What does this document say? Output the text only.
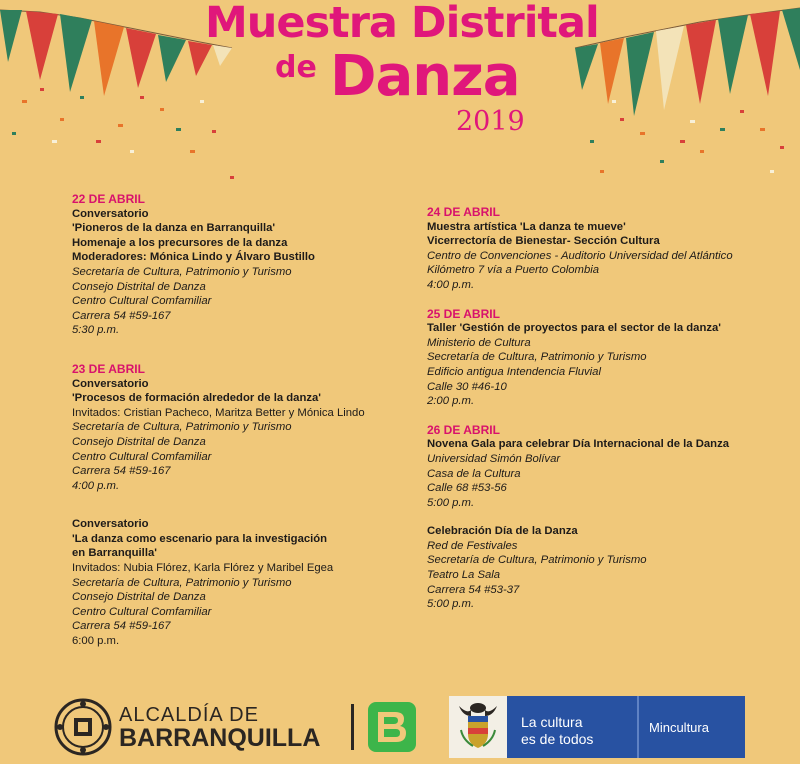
Muestra Distrital
de Danza
2019
22 DE ABRIL
Conversatorio
'Pioneros de la danza en Barranquilla'
Homenaje a los precursores de la danza
Moderadores: Mónica Lindo y Álvaro Bustillo
Secretaría de Cultura, Patrimonio y Turismo
Consejo Distrital de Danza
Centro Cultural Comfamiliar
Carrera 54 #59-167
5:30 p.m.
23 DE ABRIL
Conversatorio
'Procesos de formación alrededor de la danza'
Invitados: Cristian Pacheco, Maritza Better y Mónica Lindo
Secretaría de Cultura, Patrimonio y Turismo
Consejo Distrital de Danza
Centro Cultural Comfamiliar
Carrera 54 #59-167
4:00 p.m.
Conversatorio
'La danza como escenario para la investigación
en Barranquilla'
Invitados: Nubia Flórez, Karla Flórez y Maribel Egea
Secretaría de Cultura, Patrimonio y Turismo
Consejo Distrital de Danza
Centro Cultural Comfamiliar
Carrera 54 #59-167
6:00 p.m.
24 DE ABRIL
Muestra artística 'La danza te mueve'
Vicerrectoría de Bienestar- Sección Cultura
Centro de Convenciones - Auditorio Universidad del Atlántico
Kilómetro 7 vía a Puerto Colombia
4:00 p.m.
25 DE ABRIL
Taller 'Gestión de proyectos para el sector de la danza'
Ministerio de Cultura
Secretaría de Cultura, Patrimonio y Turismo
Edificio antigua Intendencia Fluvial
Calle 30 #46-10
2:00 p.m.
26 DE ABRIL
Novena Gala para celebrar Día Internacional de la Danza
Universidad Simón Bolívar
Casa de la Cultura
Calle 68 #53-56
5:00 p.m.
Celebración Día de la Danza
Red de Festivales
Secretaría de Cultura, Patrimonio y Turismo
Teatro La Sala
Carrera 54 #53-37
5:00 p.m.
ALCALDÍA DE
BARRANQUILLA
La cultura
es de todos
Mincultura
